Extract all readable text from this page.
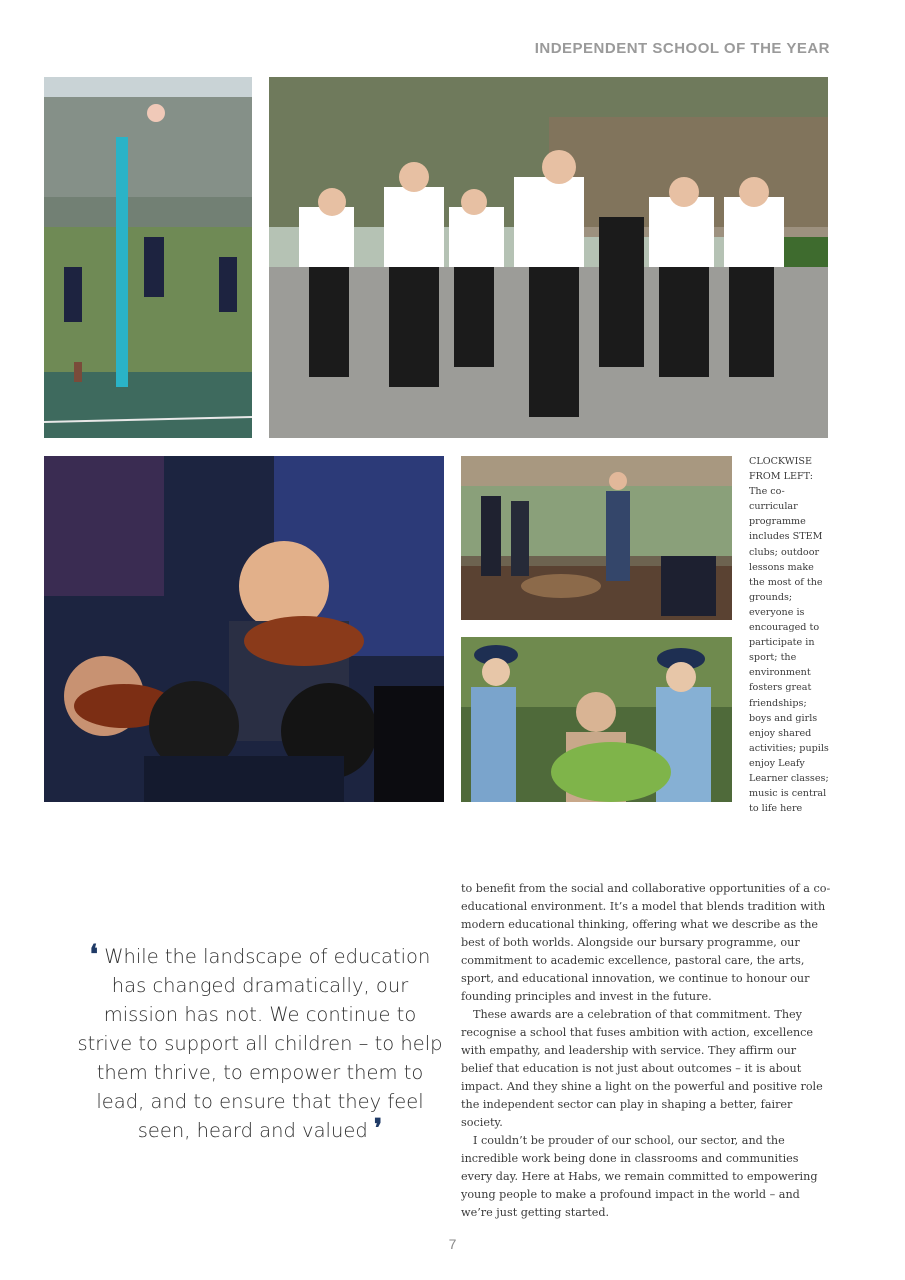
INDEPENDENT SCHOOL OF THE YEAR
CLOCKWISE FROM LEFT: The co-curricular programme includes STEM clubs; outdoor lessons make the most of the grounds; everyone is encouraged to participate in sport; the environment fosters great friendships; boys and girls enjoy shared activities; pupils enjoy Leafy Learner classes; music is central to life here
❛ While the landscape of education has changed dramatically, our mission has not. We continue to strive to support all children – to help them thrive, to empower them to lead, and to ensure that they feel seen, heard and valued ❜

to benefit from the social and collaborative opportunities of a co-educational environment. It’s a model that blends tradition with modern educational thinking, offering what we describe as the best of both worlds. Alongside our bursary programme, our commitment to academic excellence, pastoral care, the arts, sport, and educational innovation, we continue to honour our founding principles and invest in the future.

These awards are a celebration of that commitment. They recognise a school that fuses ambition with action, excellence with empathy, and leadership with service. They affirm our belief that education is not just about outcomes – it is about impact. And they shine a light on the powerful and positive role the independent sector can play in shaping a better, fairer society.

I couldn’t be prouder of our school, our sector, and the incredible work being done in classrooms and communities every day. Here at Habs, we remain committed to empowering young people to make a profound impact in the world – and we’re just getting started.

7
